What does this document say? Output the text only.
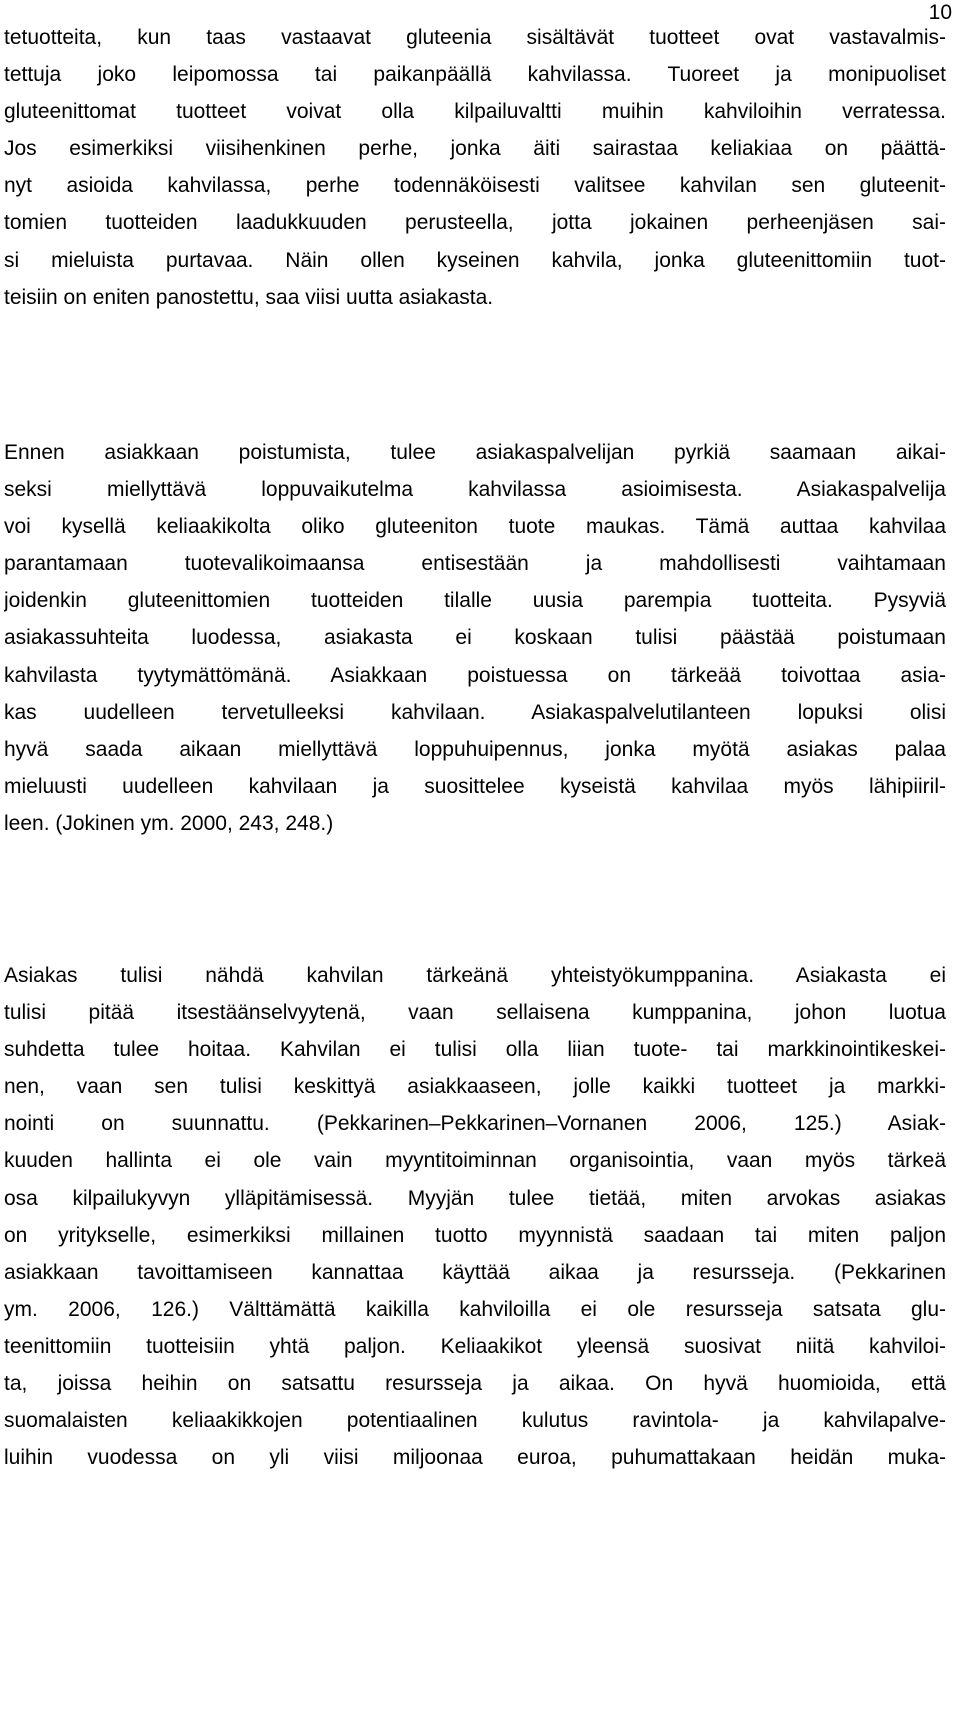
10
tetuotteita, kun taas vastaavat gluteenia sisältävät tuotteet ovat vastavalmis-
tettuja joko leipomossa tai paikanpäällä kahvilassa. Tuoreet ja monipuoliset
gluteenittomat tuotteet voivat olla kilpailuvaltti muihin kahviloihin verratessa.
Jos esimerkiksi viisihenkinen perhe, jonka äiti sairastaa keliakiaa on päättä-
nyt asioida kahvilassa, perhe todennäköisesti valitsee kahvilan sen gluteenit-
tomien tuotteiden laadukkuuden perusteella, jotta jokainen perheenjäsen sai-
si mieluista purtavaa. Näin ollen kyseinen kahvila, jonka gluteenittomiin tuot-
teisiin on eniten panostettu, saa viisi uutta asiakasta.
Ennen asiakkaan poistumista, tulee asiakaspalvelijan pyrkiä saamaan aikai-
seksi miellyttävä loppuvaikutelma kahvilassa asioimisesta. Asiakaspalvelija
voi kysellä keliaakikolta oliko gluteeniton tuote maukas. Tämä auttaa kahvilaa
parantamaan tuotevalikoimaansa entisestään ja mahdollisesti vaihtamaan
joidenkin gluteenittomien tuotteiden tilalle uusia parempia tuotteita. Pysyviä
asiakassuhteita luodessa, asiakasta ei koskaan tulisi päästää poistumaan
kahvilasta tyytymättömänä. Asiakkaan poistuessa on tärkeää toivottaa asia-
kas uudelleen tervetulleeksi kahvilaan. Asiakaspalvelutilanteen lopuksi olisi
hyvä saada aikaan miellyttävä loppuhuipennus, jonka myötä asiakas palaa
mieluusti uudelleen kahvilaan ja suosittelee kyseistä kahvilaa myös lähipiiril-
leen. (Jokinen ym. 2000, 243, 248.)
Asiakas tulisi nähdä kahvilan tärkeänä yhteistyökumppanina. Asiakasta ei
tulisi pitää itsestäänselvyytenä, vaan sellaisena kumppanina, johon luotua
suhdetta tulee hoitaa. Kahvilan ei tulisi olla liian tuote- tai markkinointikeskei-
nen, vaan sen tulisi keskittyä asiakkaaseen, jolle kaikki tuotteet ja markki-
nointi on suunnattu. (Pekkarinen–Pekkarinen–Vornanen 2006, 125.) Asiak-
kuuden hallinta ei ole vain myyntitoiminnan organisointia, vaan myös tärkeä
osa kilpailukyvyn ylläpitämisessä. Myyjän tulee tietää, miten arvokas asiakas
on yritykselle, esimerkiksi millainen tuotto myynnistä saadaan tai miten paljon
asiakkaan tavoittamiseen kannattaa käyttää aikaa ja resursseja. (Pekkarinen
ym. 2006, 126.) Välttämättä kaikilla kahviloilla ei ole resursseja satsata glu-
teenittomiin tuotteisiin yhtä paljon. Keliaakikot yleensä suosivat niitä kahviloi-
ta, joissa heihin on satsattu resursseja ja aikaa. On hyvä huomioida, että
suomalaisten keliaakikkojen potentiaalinen kulutus ravintola- ja kahvilapalve-
luihin vuodessa on yli viisi miljoonaa euroa, puhumattakaan heidän muka-
